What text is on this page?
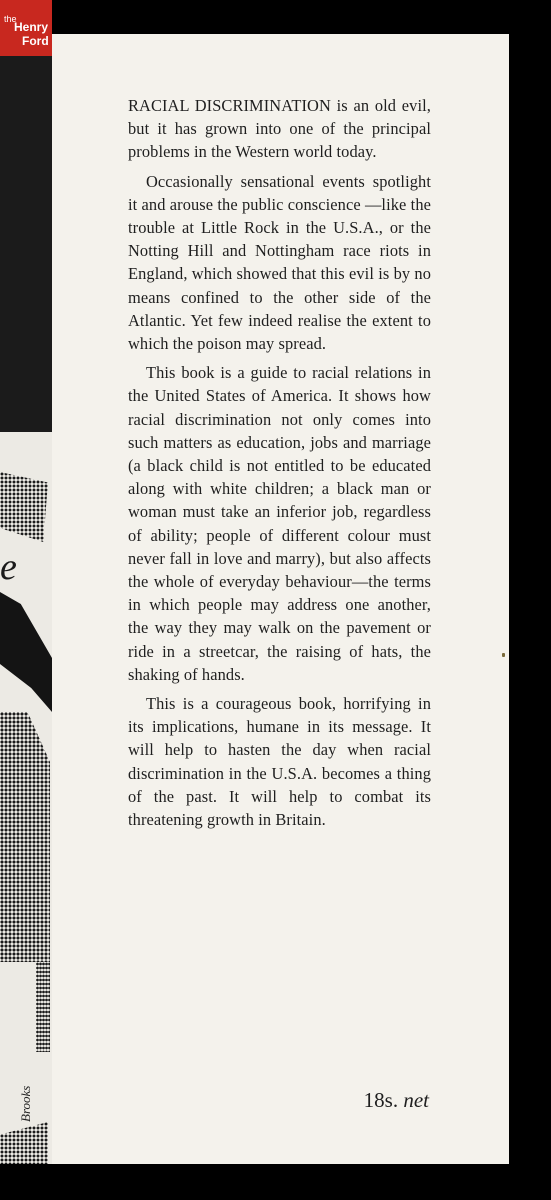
e
Brooks
the
Henry
Ford

RACIAL DISCRIMINATION is an old evil, but it has grown into one of the principal problems in the Western world today.

Occasionally sensational events spotlight it and arouse the public conscience —like the trouble at Little Rock in the U.S.A., or the Notting Hill and Nottingham race riots in England, which showed that this evil is by no means confined to the other side of the Atlantic. Yet few indeed realise the extent to which the poison may spread.

This book is a guide to racial relations in the United States of America. It shows how racial discrimination not only comes into such matters as education, jobs and marriage (a black child is not entitled to be educated along with white children; a black man or woman must take an inferior job, regardless of ability; people of different colour must never fall in love and marry), but also affects the whole of everyday behaviour—the terms in which people may address one another, the way they may walk on the pavement or ride in a streetcar, the raising of hats, the shaking of hands.

This is a courageous book, horrifying in its implications, humane in its message. It will help to hasten the day when racial discrimination in the U.S.A. becomes a thing of the past. It will help to combat its threatening growth in Britain.

18s. net
